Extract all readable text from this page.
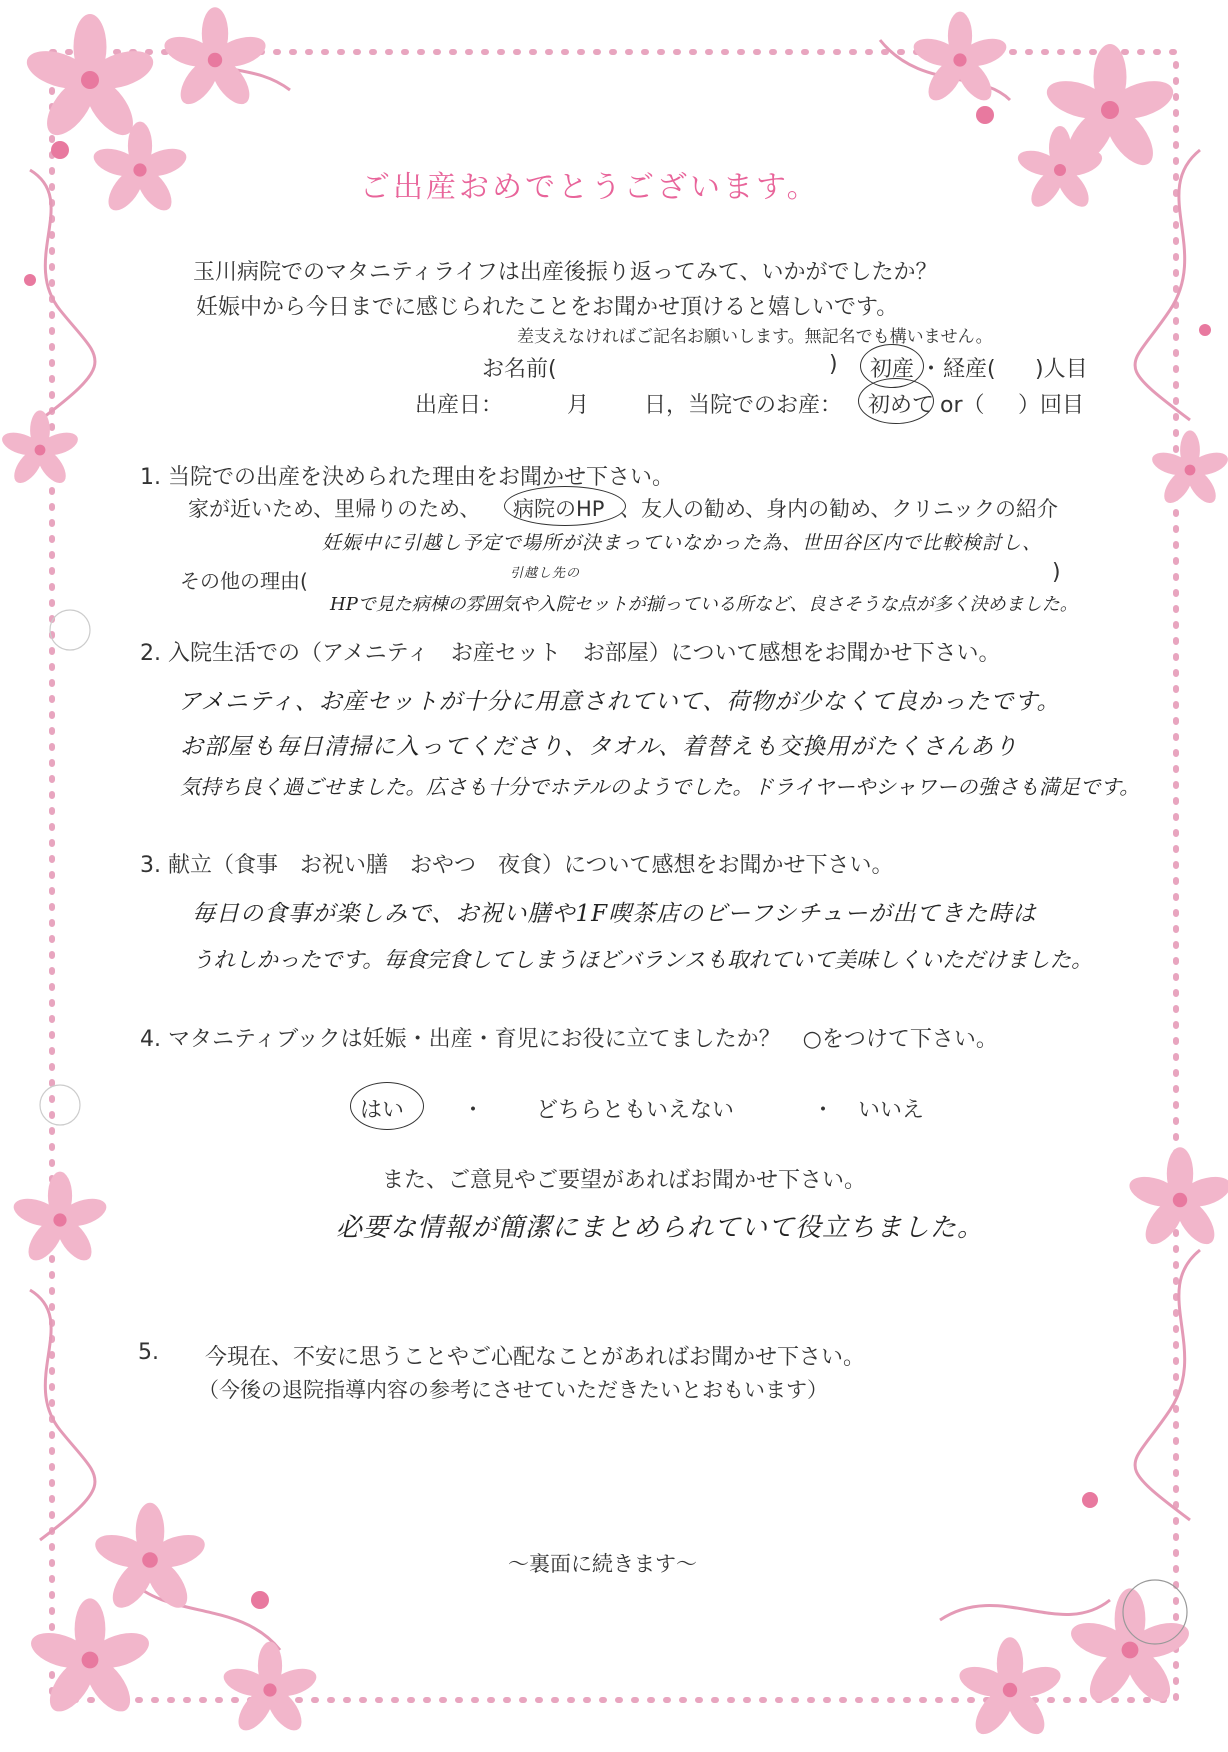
ご出産おめでとうございます。
玉川病院でのマタニティライフは出産後振り返ってみて、いかがでしたか？
妊娠中から今日までに感じられたことをお聞かせ頂けると嬉しいです。
差支えなければご記名お願いします。無記名でも構いません。
お名前(	) 初産 ・ 経産( )人目
出産日：	月 日，当院でのお産： 初めて or（ ）回目
1. 当院での出産を決められた理由をお聞かせ下さい。
家が近いため、里帰りのため、 病院のHP 、友人の勧め、身内の勧め、クリニックの紹介
その他の理由(
妊娠中に引越し予定で場所が決まっていなかった為、世田谷区内で比較検討し、
引越し先の
HPで見た病棟の雰囲気や入院セットが揃っている所など、良さそうな点が多く決めました。
)
2. 入院生活での（アメニティ　お産セット　お部屋）について感想をお聞かせ下さい。
アメニティ、お産セットが十分に用意されていて、荷物が少なくて良かったです。
お部屋も毎日清掃に入ってくださり、タオル、着替えも交換用がたくさんあり
気持ち良く過ごせました。広さも十分でホテルのようでした。ドライヤーやシャワーの強さも満足です。
3. 献立（食事　お祝い膳　おやつ　夜食）について感想をお聞かせ下さい。
毎日の食事が楽しみで、お祝い膳や1F喫茶店のビーフシチューが出てきた時は
うれしかったです。毎食完食してしまうほどバランスも取れていて美味しくいただけました。
4. マタニティブックは妊娠・出産・育児にお役に立てましたか？　○をつけて下さい。
はい	・ どちらともいえない	・ いいえ
また、ご意見やご要望があればお聞かせ下さい。
必要な情報が簡潔にまとめられていて役立ちました。
5. 今現在、不安に思うことやご心配なことがあればお聞かせ下さい。
（今後の退院指導内容の参考にさせていただきたいとおもいます）
〜裏面に続きます〜
